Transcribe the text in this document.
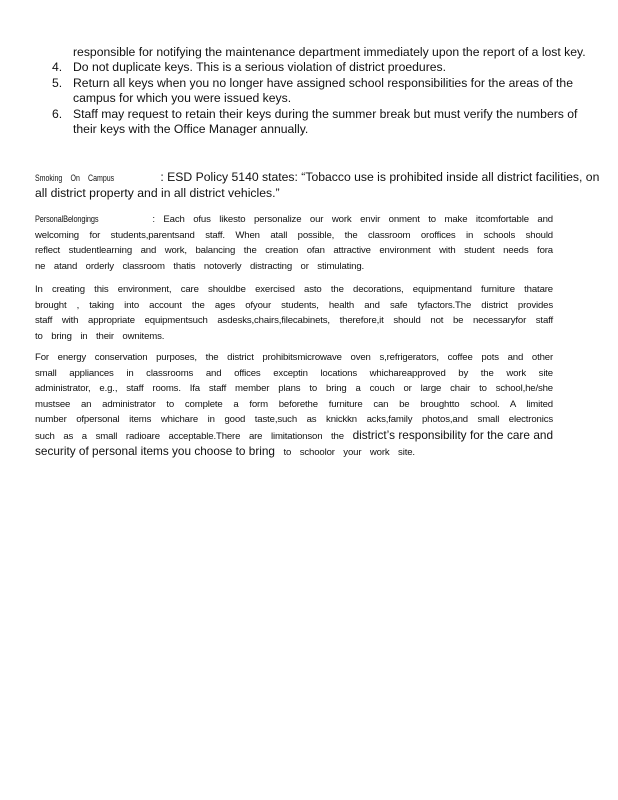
responsible for notifying the maintenance department immediately upon the report of a lost key.
4. Do not duplicate keys. This is a serious violation of district proedures.
5. Return all keys when you no longer have assigned school responsibilities for the areas of the campus for which you were issued keys.
6. Staff may request to retain their keys during the summer break but must verify the numbers of their keys with the Office Manager annually.
Smoking On Campus	: ESD Policy 5140 states: “Tobacco use is prohibited inside all district facilities, on all district property and in all district vehicles.”
PersonalBelongings	: Each ofus likesto personalize our work envir onment to make itcomfortable and welcoming for students,parentsand staff. When atall possible, the classroom oroffices in schools should reflect studentlearning and work, balancing the creation ofan attractive environment with student needs fora ne atand orderly classroom thatis notoverly distracting or stimulating.
In creating this environment, care shouldbe exercised asto the decorations, equipmentand furniture thatare brought , taking into account the ages ofyour students, health and safe tyfactors.The district provides staff with appropriate equipmentsuch asdesks,chairs,filecabinets, therefore,it should not be necessaryfor staff to bring in their ownitems.
For energy conservation purposes, the district prohibitsmicrowave oven s,refrigerators, coffee pots and other small appliances in classrooms and offices exceptin locations whichareapproved by the work site administrator, e.g., staff rooms. Ifa staff member plans to bring a couch or large chair to school,he/she mustsee an administrator to complete a form beforethe furniture can be broughtto school. A limited number ofpersonal items whichare in good taste,such as knickkn acks,family photos,and small electronics such as a small radioare acceptable.There are limitationson the district’s responsibility for the care and security of personal items you choose to bring to schoolor your work site.
